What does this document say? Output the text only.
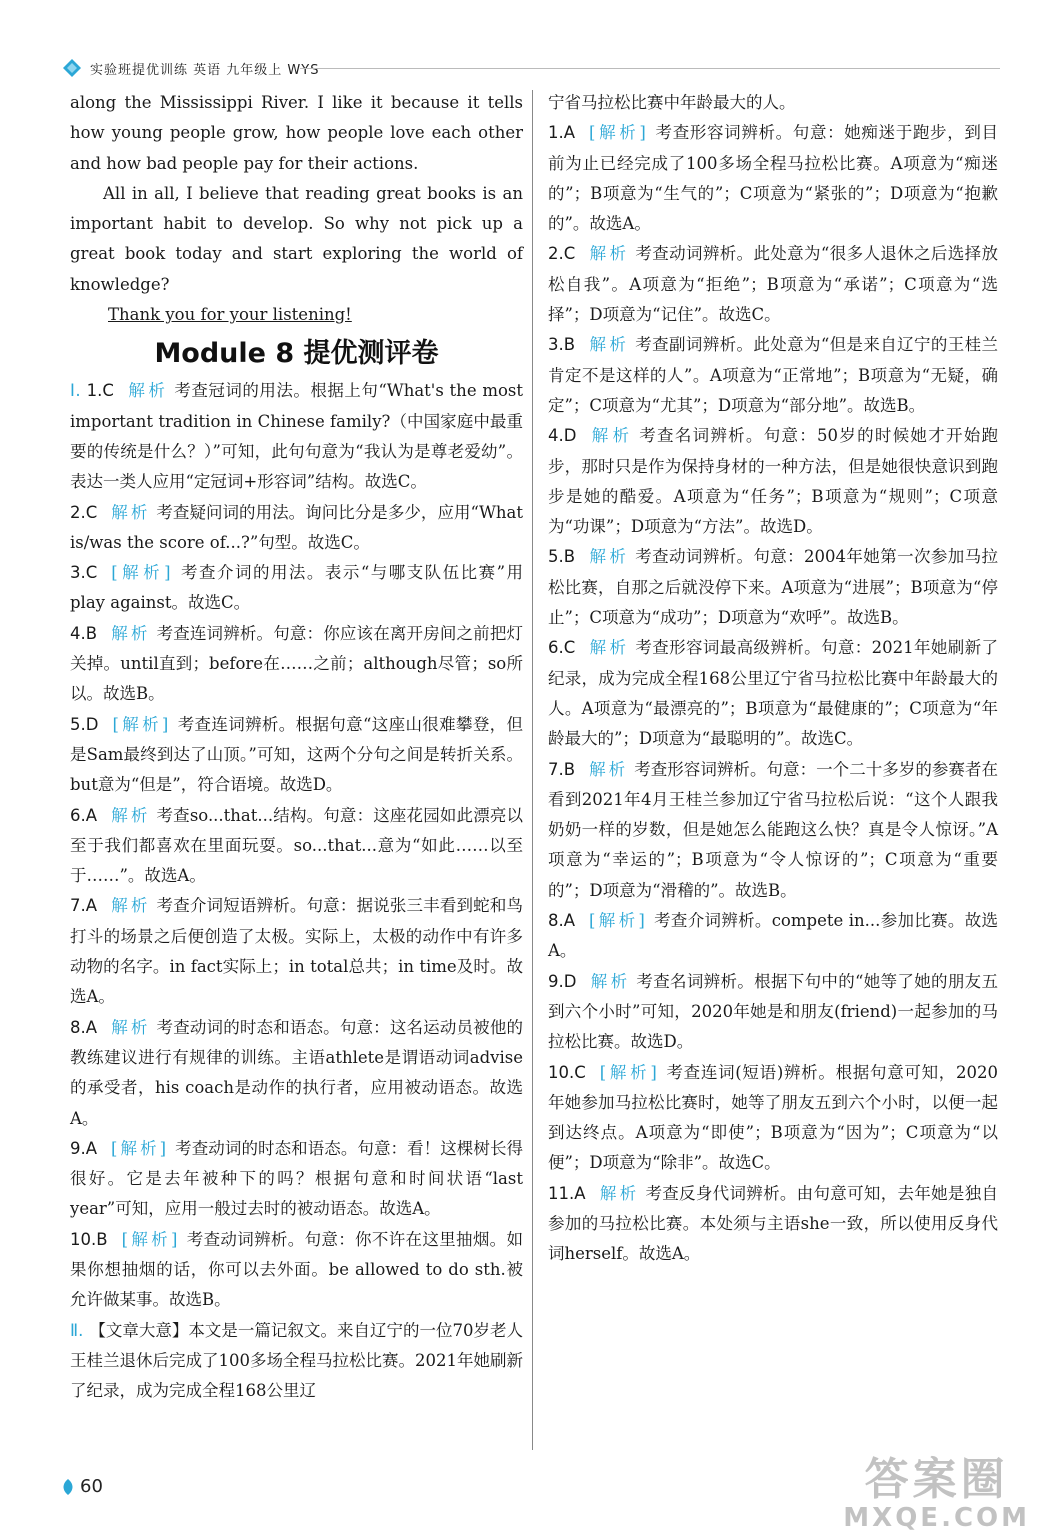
实验班提优训练 英语 九年级上 WYS

along the Mississippi River. I like it because it tells how young people grow, how people love each other and how bad people pay for their actions.

All in all, I believe that reading great books is an important habit to develop. So why not pick up a great book today and start exploring the world of knowledge?

Thank you for your listening!

Module 8 提优测评卷

Ⅰ. 1.C 解析 考查冠词的用法。根据上句“What's the most important tradition in Chinese family?（中国家庭中最重要的传统是什么？）”可知，此句句意为“我认为是尊老爱幼”。表达一类人应用“定冠词+形容词”结构。故选C。

2.C 解析 考查疑问词的用法。询问比分是多少，应用“What is/was the score of...?”句型。故选C。

3.C [解析] 考查介词的用法。表示“与哪支队伍比赛”用play against。故选C。

4.B 解析 考查连词辨析。句意：你应该在离开房间之前把灯关掉。until直到；before在……之前；although尽管；so所以。故选B。

5.D [解析] 考查连词辨析。根据句意“这座山很难攀登，但是Sam最终到达了山顶。”可知，这两个分句之间是转折关系。but意为“但是”，符合语境。故选D。

6.A 解析 考查so...that...结构。句意：这座花园如此漂亮以至于我们都喜欢在里面玩耍。so...that...意为“如此……以至于……”。故选A。

7.A 解析 考查介词短语辨析。句意：据说张三丰看到蛇和鸟打斗的场景之后便创造了太极。实际上，太极的动作中有许多动物的名字。in fact实际上；in total总共；in time及时。故选A。

8.A 解析 考查动词的时态和语态。句意：这名运动员被他的教练建议进行有规律的训练。主语athlete是谓语动词advise的承受者，his coach是动作的执行者，应用被动语态。故选A。

9.A [解析] 考查动词的时态和语态。句意：看！这棵树长得很好。它是去年被种下的吗？根据句意和时间状语“last year”可知，应用一般过去时的被动语态。故选A。

10.B [解析] 考查动词辨析。句意：你不许在这里抽烟。如果你想抽烟的话，你可以去外面。be allowed to do sth.被允许做某事。故选B。

Ⅱ. 【文章大意】本文是一篇记叙文。来自辽宁的一位70岁老人王桂兰退休后完成了100多场全程马拉松比赛。2021年她刷新了纪录，成为完成全程168公里辽

宁省马拉松比赛中年龄最大的人。

1.A [解析] 考查形容词辨析。句意：她痴迷于跑步，到目前为止已经完成了100多场全程马拉松比赛。A项意为“痴迷的”；B项意为“生气的”；C项意为“紧张的”；D项意为“抱歉的”。故选A。

2.C 解析 考查动词辨析。此处意为“很多人退休之后选择放松自我”。A项意为“拒绝”；B项意为“承诺”；C项意为“选择”；D项意为“记住”。故选C。

3.B 解析 考查副词辨析。此处意为“但是来自辽宁的王桂兰肯定不是这样的人”。A项意为“正常地”；B项意为“无疑，确定”；C项意为“尤其”；D项意为“部分地”。故选B。

4.D 解析 考查名词辨析。句意：50岁的时候她才开始跑步，那时只是作为保持身材的一种方法，但是她很快意识到跑步是她的酷爱。A项意为“任务”；B项意为“规则”；C项意为“功课”；D项意为“方法”。故选D。

5.B 解析 考查动词辨析。句意：2004年她第一次参加马拉松比赛，自那之后就没停下来。A项意为“进展”；B项意为“停止”；C项意为“成功”；D项意为“欢呼”。故选B。

6.C 解析 考查形容词最高级辨析。句意：2021年她刷新了纪录，成为完成全程168公里辽宁省马拉松比赛中年龄最大的人。A项意为“最漂亮的”；B项意为“最健康的”；C项意为“年龄最大的”；D项意为“最聪明的”。故选C。

7.B 解析 考查形容词辨析。句意：一个二十多岁的参赛者在看到2021年4月王桂兰参加辽宁省马拉松后说：“这个人跟我奶奶一样的岁数，但是她怎么能跑这么快？真是令人惊讶。”A项意为“幸运的”；B项意为“令人惊讶的”；C项意为“重要的”；D项意为“滑稽的”。故选B。

8.A [解析] 考查介词辨析。compete in...参加比赛。故选A。

9.D 解析 考查名词辨析。根据下句中的“她等了她的朋友五到六个小时”可知，2020年她是和朋友(friend)一起参加的马拉松比赛。故选D。

10.C [解析] 考查连词(短语)辨析。根据句意可知，2020年她参加马拉松比赛时，她等了朋友五到六个小时，以便一起到达终点。A项意为“即使”；B项意为“因为”；C项意为“以便”；D项意为“除非”。故选C。

11.A 解析 考查反身代词辨析。由句意可知，去年她是独自参加的马拉松比赛。本处须与主语she一致，所以使用反身代词herself。故选A。

60	答案圈
MXQE.COM
